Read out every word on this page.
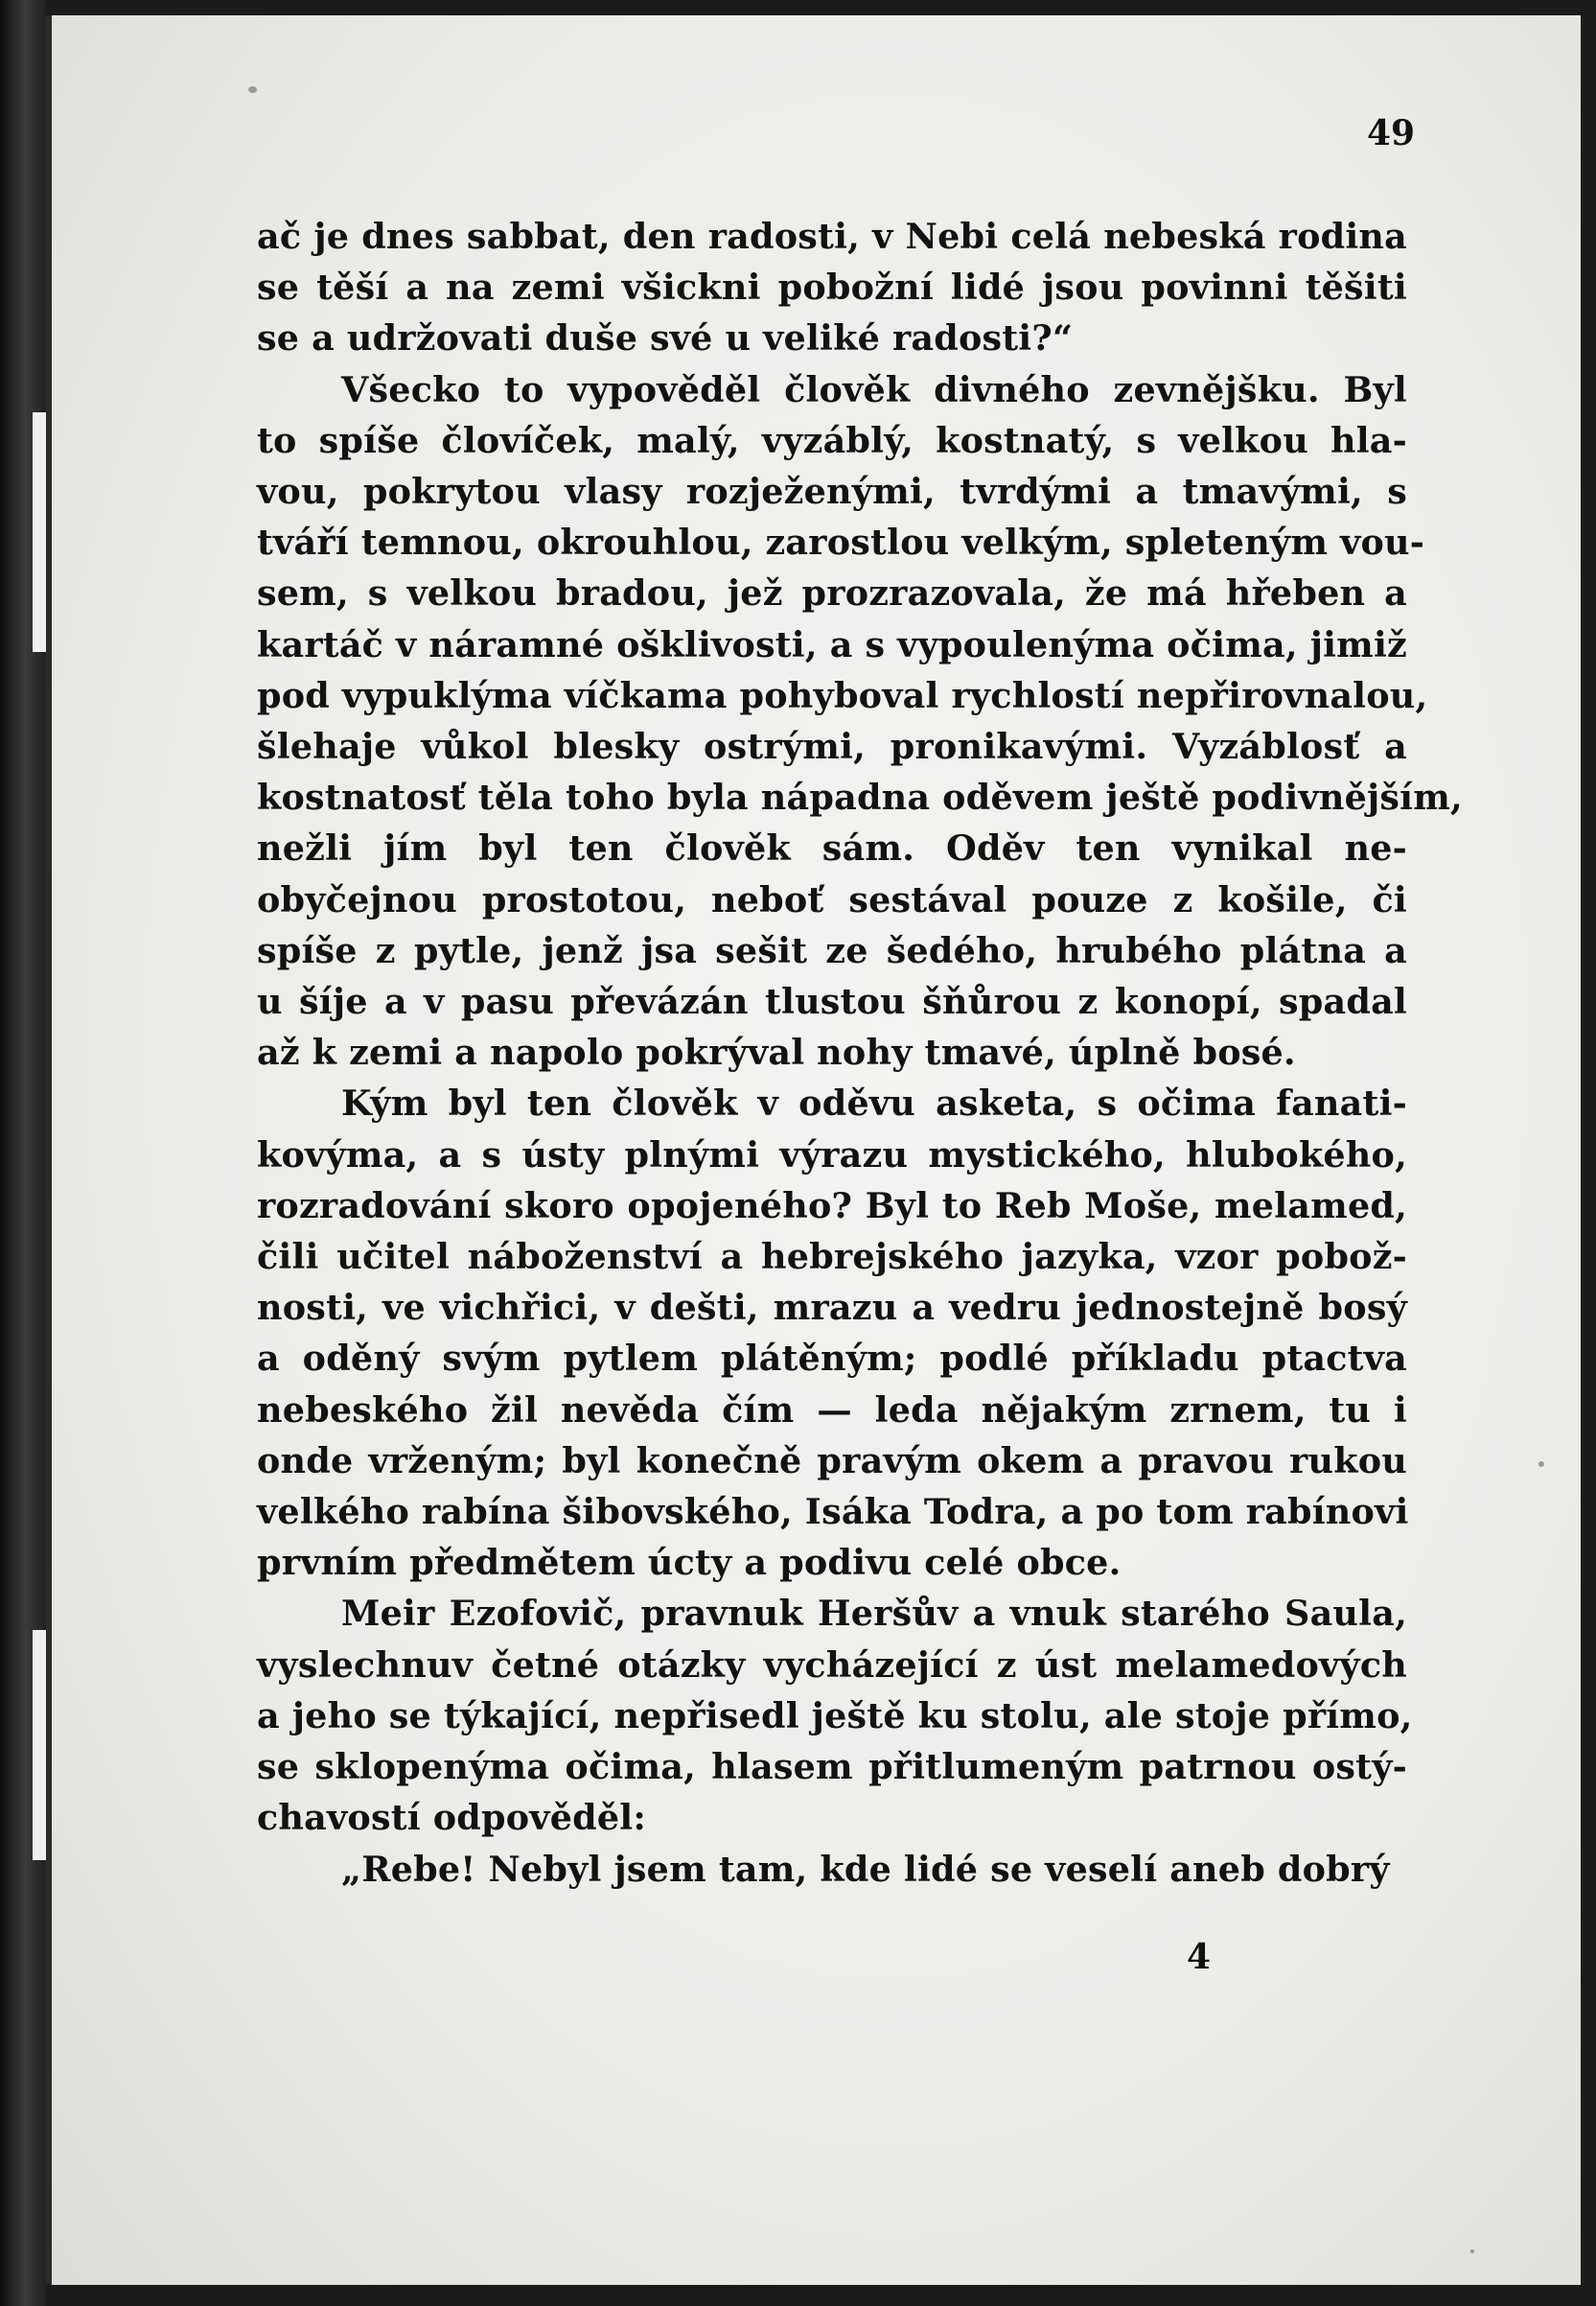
49

ač je dnes sabbat, den radosti, v Nebi celá nebeská rodina
se těší a na zemi všickni pobožní lidé jsou povinni těšiti
se a udržovati duše své u veliké radosti?“

Všecko to vypověděl člověk divného zevnějšku. Byl
to spíše človíček, malý, vyzáblý, kostnatý, s velkou hla-
vou, pokrytou vlasy rozježenými, tvrdými a tmavými, s
tváří temnou, okrouhlou, zarostlou velkým, spleteným vou-
sem, s velkou bradou, jež prozrazovala, že má hřeben a
kartáč v náramné ošklivosti, a s vypoulenýma očima, jimiž
pod vypuklýma víčkama pohyboval rychlostí nepřirovnalou,
šlehaje vůkol blesky ostrými, pronikavými. Vyzáblosť a
kostnatosť těla toho byla nápadna oděvem ještě podivnějším,
nežli jím byl ten člověk sám. Oděv ten vynikal ne-
obyčejnou prostotou, neboť sestával pouze z košile, či
spíše z pytle, jenž jsa sešit ze šedého, hrubého plátna a
u šíje a v pasu převázán tlustou šňůrou z konopí, spadal
až k zemi a napolo pokrýval nohy tmavé, úplně bosé.

Kým byl ten člověk v oděvu asketa, s očima fanati-
kovýma, a s ústy plnými výrazu mystického, hlubokého,
rozradování skoro opojeného? Byl to Reb Moše, melamed,
čili učitel náboženství a hebrejského jazyka, vzor pobož-
nosti, ve vichřici, v dešti, mrazu a vedru jednostejně bosý
a oděný svým pytlem plátěným; podlé příkladu ptactva
nebeského žil nevěda čím — leda nějakým zrnem, tu i
onde vrženým; byl konečně pravým okem a pravou rukou
velkého rabína šibovského, Isáka Todra, a po tom rabínovi
prvním předmětem úcty a podivu celé obce.

Meir Ezofovič, pravnuk Heršův a vnuk starého Saula,
vyslechnuv četné otázky vycházející z úst melamedových
a jeho se týkající, nepřisedl ještě ku stolu, ale stoje přímo,
se sklopenýma očima, hlasem přitlumeným patrnou ostý-
chavostí odpověděl:

„Rebe! Nebyl jsem tam, kde lidé se veselí aneb dobrý

4
